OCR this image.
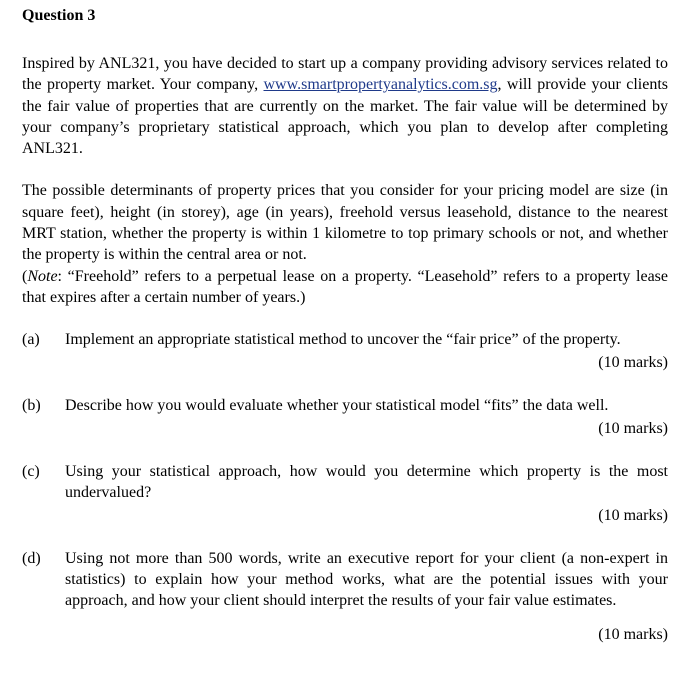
Question 3

Inspired by ANL321, you have decided to start up a company providing advisory services related to the property market. Your company, www.smartpropertyanalytics.com.sg, will provide your clients the fair value of properties that are currently on the market. The fair value will be determined by your company’s proprietary statistical approach, which you plan to develop after completing ANL321.

The possible determinants of property prices that you consider for your pricing model are size (in square feet), height (in storey), age (in years), freehold versus leasehold, distance to the nearest MRT station, whether the property is within 1 kilometre to top primary schools or not, and whether the property is within the central area or not.
(Note: “Freehold” refers to a perpetual lease on a property. “Leasehold” refers to a property lease that expires after a certain number of years.)

(a)	Implement an appropriate statistical method to uncover the “fair price” of the property.
(10 marks)
(b)	Describe how you would evaluate whether your statistical model “fits” the data well.
(10 marks)
(c)	Using your statistical approach, how would you determine which property is the most undervalued?
(10 marks)
(d)	Using not more than 500 words, write an executive report for your client (a non-expert in statistics) to explain how your method works, what are the potential issues with your approach, and how your client should interpret the results of your fair value estimates.
(10 marks)
